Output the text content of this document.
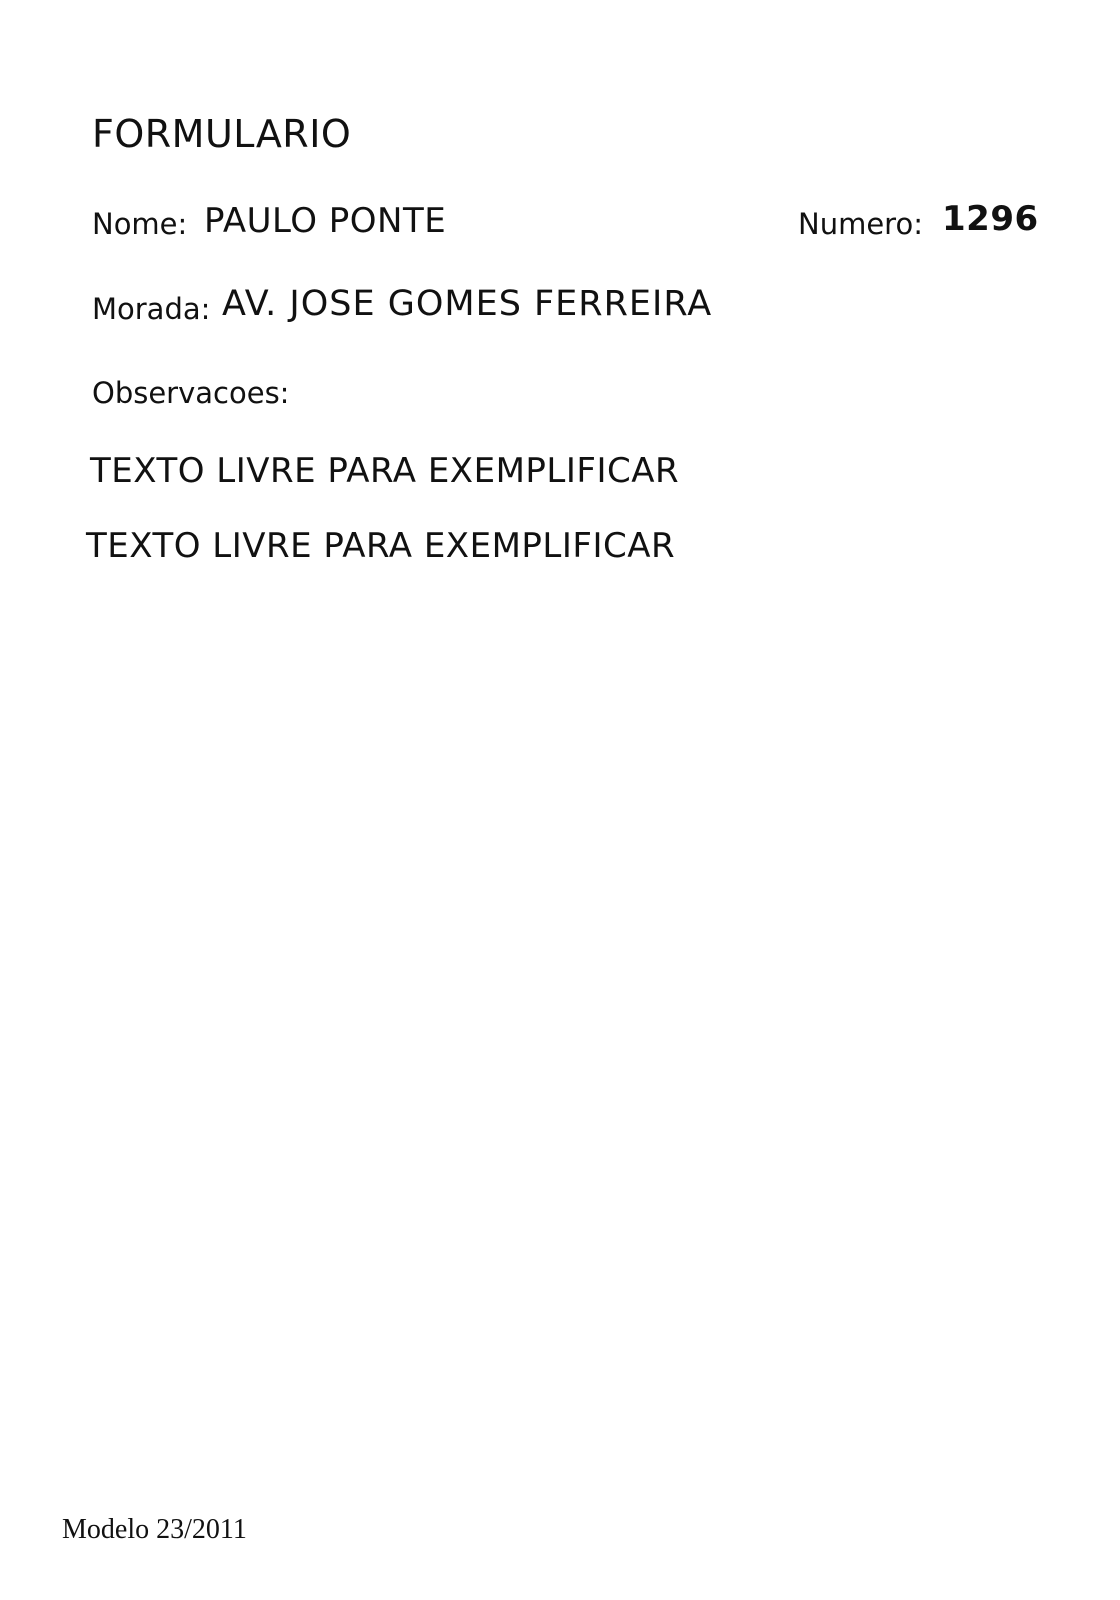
FORMULARIO
Nome: PAULO PONTE	Numero: 1296
Morada: AV. JOSE GOMES FERREIRA
Observacoes:
TEXTO LIVRE PARA EXEMPLIFICAR
TEXTO LIVRE PARA EXEMPLIFICAR
Modelo 23/2011
